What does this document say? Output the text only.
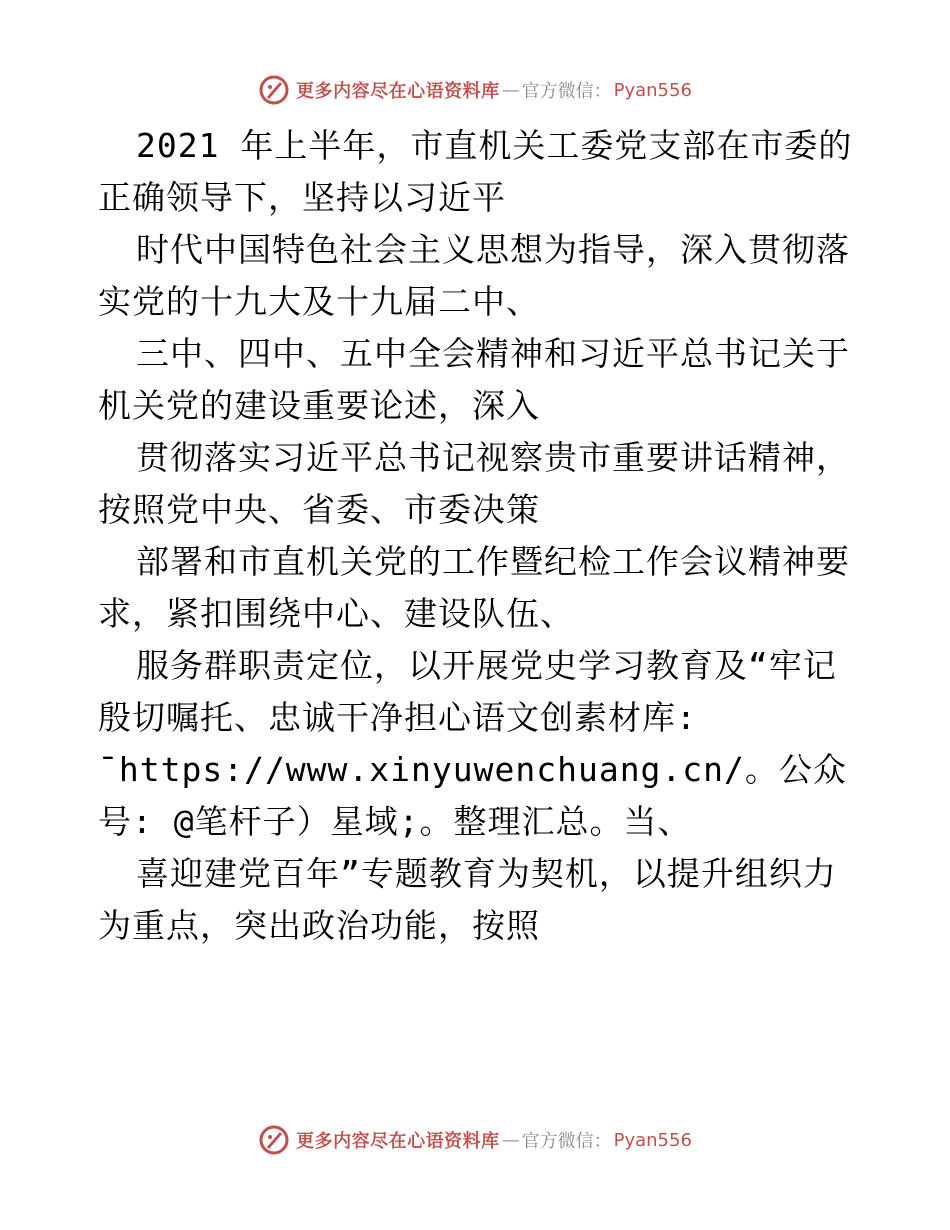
更多内容尽在心语资料库 — 官方微信： Pyan556

2021 年上半年，市直机关工委党支部在市委的正确领导下，坚持以习近平

时代中国特色社会主义思想为指导，深入贯彻落实党的十九大及十九届二中、

三中、四中、五中全会精神和习近平总书记关于机关党的建设重要论述，深入

贯彻落实习近平总书记视察贵市重要讲话精神，按照党中央、省委、市委决策

部署和市直机关党的工作暨纪检工作会议精神要求，紧扣围绕中心、建设队伍、

服务群职责定位，以开展党史学习教育及“牢记殷切嘱托、忠诚干净担心语文创素材库:

¯https://www.xinyuwenchuang.cn/。公众号: @笔杆子）星域;。整理汇总。当、

喜迎建党百年”专题教育为契机，以提升组织力为重点，突出政治功能，按照

更多内容尽在心语资料库 — 官方微信： Pyan556
